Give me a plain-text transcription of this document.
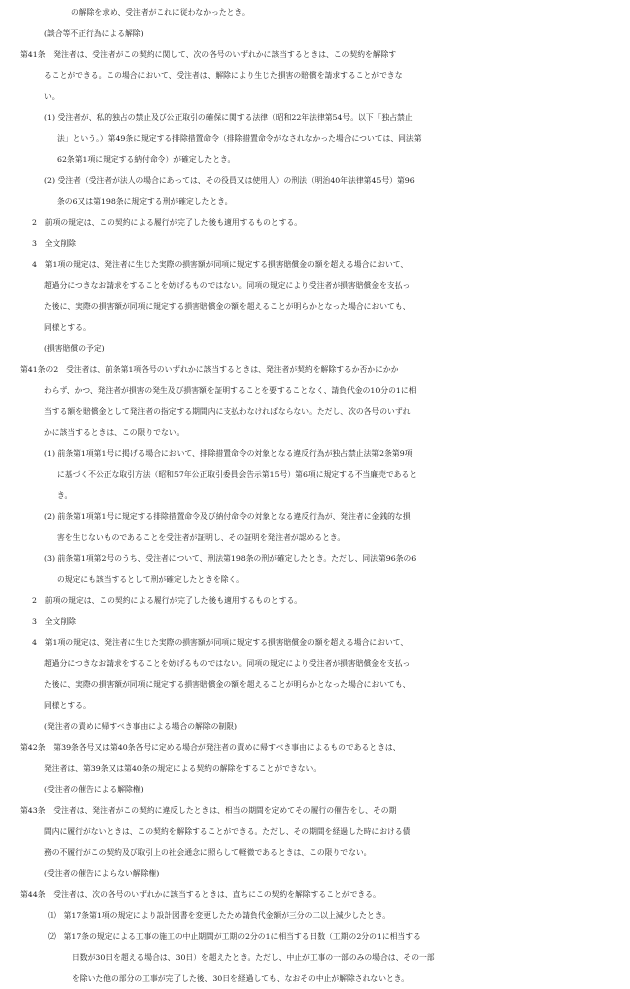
の解除を求め、受注者がこれに従わなかったとき。
(談合等不正行為による解除)
第41条　発注者は、受注者がこの契約に関して、次の各号のいずれかに該当するときは、この契約を解除す
ることができる。この場合において、受注者は、解除により生じた損害の賠償を請求することができな
い。
(1) 受注者が、私的独占の禁止及び公正取引の確保に関する法律（昭和22年法律第54号。以下「独占禁止
法」という。）第49条に規定する排除措置命令（排除措置命令がなされなかった場合については、同法第
62条第1項に規定する納付命令）が確定したとき。
(2) 受注者（受注者が法人の場合にあっては、その役員又は使用人）の刑法（明治40年法律第45号）第96
条の6又は第198条に規定する刑が確定したとき。
2　前項の規定は、この契約による履行が完了した後も適用するものとする。
3　全文削除
4　第1項の規定は、発注者に生じた実際の損害額が同項に規定する損害賠償金の額を超える場合において、
超過分につきなお請求をすることを妨げるものではない。同項の規定により受注者が損害賠償金を支払っ
た後に、実際の損害額が同項に規定する損害賠償金の額を超えることが明らかとなった場合においても、
同様とする。
(損害賠償の予定)
第41条の2　受注者は、前条第1項各号のいずれかに該当するときは、発注者が契約を解除するか否かにかか
わらず、かつ、発注者が損害の発生及び損害額を証明することを要することなく、請負代金の10分の1に相
当する額を賠償金として発注者の指定する期間内に支払わなければならない。ただし、次の各号のいずれ
かに該当するときは、この限りでない。
(1) 前条第1項第1号に掲げる場合において、排除措置命令の対象となる違反行為が独占禁止法第2条第9項
に基づく不公正な取引方法（昭和57年公正取引委員会告示第15号）第6項に規定する不当廉売であると
き。
(2) 前条第1項第1号に規定する排除措置命令及び納付命令の対象となる違反行為が、発注者に金銭的な損
害を生じないものであることを受注者が証明し、その証明を発注者が認めるとき。
(3) 前条第1項第2号のうち、受注者について、刑法第198条の刑が確定したとき。ただし、同法第96条の6
の規定にも該当するとして刑が確定したときを除く。
2　前項の規定は、この契約による履行が完了した後も適用するものとする。
3　全文削除
4　第1項の規定は、発注者に生じた実際の損害額が同項に規定する損害賠償金の額を超える場合において、
超過分につきなお請求をすることを妨げるものではない。同項の規定により受注者が損害賠償金を支払っ
た後に、実際の損害額が同項に規定する損害賠償金の額を超えることが明らかとなった場合においても、
同様とする。
(発注者の責めに帰すべき事由による場合の解除の制限)
第42条　第39条各号又は第40条各号に定める場合が発注者の責めに帰すべき事由によるものであるときは、
発注者は、第39条又は第40条の規定による契約の解除をすることができない。
(受注者の催告による解除権)
第43条　受注者は、発注者がこの契約に違反したときは、相当の期間を定めてその履行の催告をし、その期
間内に履行がないときは、この契約を解除することができる。ただし、その期間を経過した時における債
務の不履行がこの契約及び取引上の社会通念に照らして軽微であるときは、この限りでない。
(受注者の催告によらない解除権)
第44条　受注者は、次の各号のいずれかに該当するときは、直ちにこの契約を解除することができる。
⑴　第17条第1項の規定により設計図書を変更したため請負代金額が三分の二以上減少したとき。
⑵　第17条の規定による工事の施工の中止期間が工期の2分の1に相当する日数（工期の2分の1に相当する
日数が30日を超える場合は、30日）を超えたとき。ただし、中止が工事の一部のみの場合は、その一部
を除いた他の部分の工事が完了した後、30日を経過しても、なおその中止が解除されないとき。
